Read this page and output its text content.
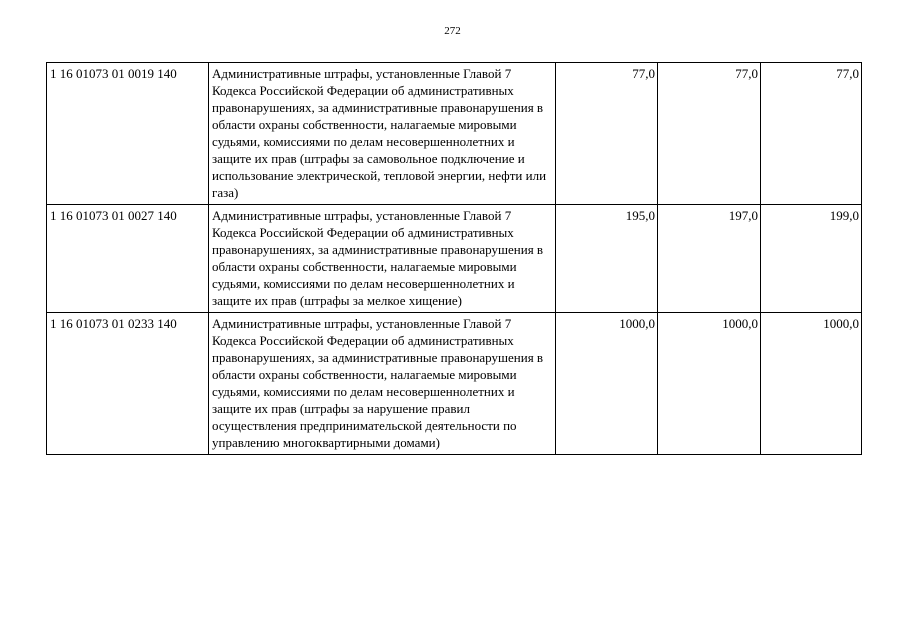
272
1 16 01073 01 0019 140	Административные штрафы, установленные Главой 7 Кодекса Российской Федерации об административных правонарушениях, за административные правонарушения в области охраны собственности, налагаемые мировыми судьями, комиссиями по делам несовершеннолетних и защите их прав (штрафы за самовольное подключение и использование электрической, тепловой энергии, нефти или газа)	77,0	77,0	77,0
1 16 01073 01 0027 140	Административные штрафы, установленные Главой 7 Кодекса Российской Федерации об административных правонарушениях, за административные правонарушения в области охраны собственности, налагаемые мировыми судьями, комиссиями по делам несовершеннолетних и защите их прав (штрафы за мелкое хищение)	195,0	197,0	199,0
1 16 01073 01 0233 140	Административные штрафы, установленные Главой 7 Кодекса Российской Федерации об административных правонарушениях, за административные правонарушения в области охраны собственности, налагаемые мировыми судьями, комиссиями по делам несовершеннолетних и защите их прав (штрафы за нарушение правил осуществления предпринимательской деятельности по управлению многоквартирными домами)	1000,0	1000,0	1000,0
